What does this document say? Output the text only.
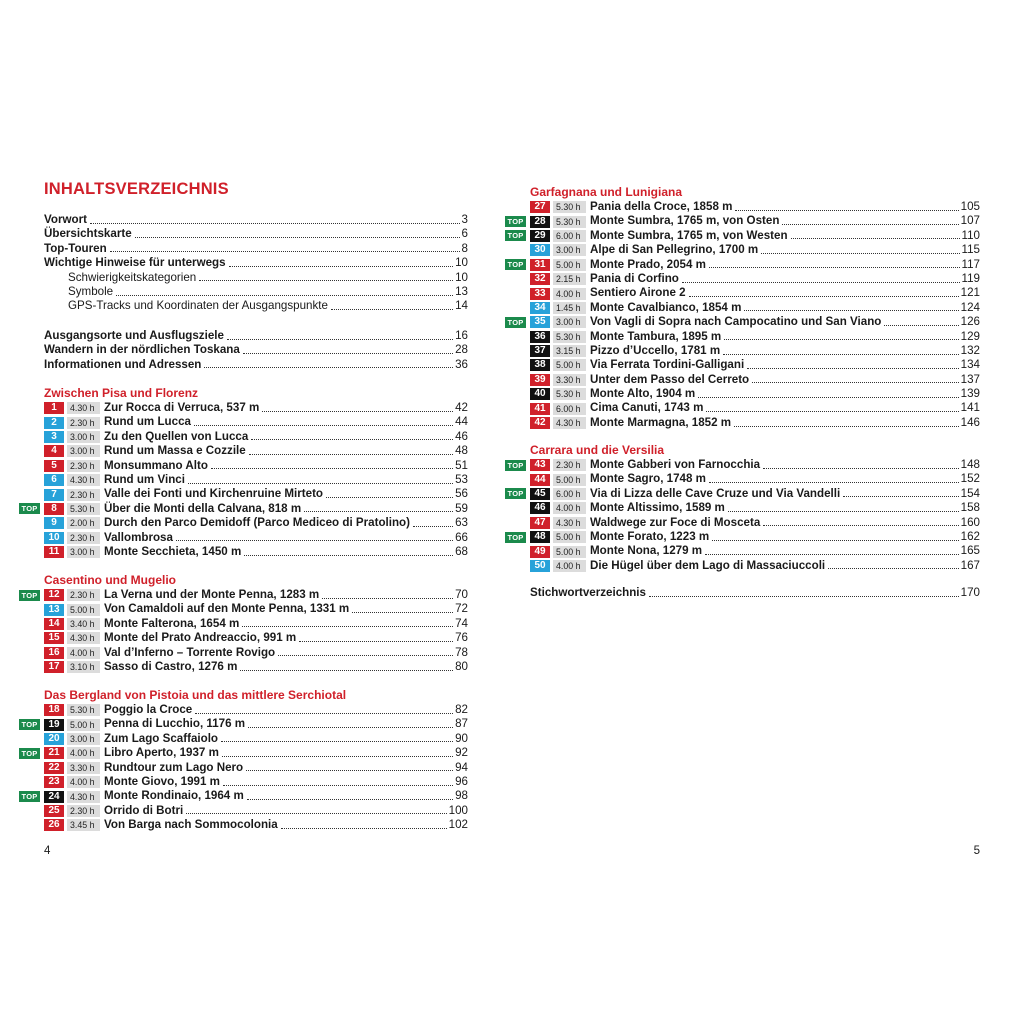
INHALTSVERZEICHNIS
Vorwort	3
Übersichtskarte	6
Top-Touren	8
Wichtige Hinweise für unterwegs	10
Schwierigkeitskategorien	10
Symbole	13
GPS-Tracks und Koordinaten der Ausgangspunkte	14
Ausgangsorte und Ausflugsziele	16
Wandern in der nördlichen Toskana	28
Informationen und Adressen	36
Zwischen Pisa und Florenz
1	4.30 h Zur Rocca di Verruca, 537 m	42
2	2.30 h Rund um Lucca	44
3	3.00 h Zu den Quellen von Lucca	46
4	3.00 h Rund um Massa e Cozzile	48
5	2.30 h Monsummano Alto	51
6	4.30 h Rund um Vinci	53
7	2.30 h Valle dei Fonti und Kirchenruine Mirteto	56
TOP	8	5.30 h Über die Monti della Calvana, 818 m	59
9	2.00 h Durch den Parco Demidoff (Parco Mediceo di Pratolino)	63
10	2.30 h Vallombrosa	66
11	3.00 h Monte Secchieta, 1450 m	68
Casentino und Mugelio
TOP	12	2.30 h La Verna und der Monte Penna, 1283 m	70
13	5.00 h Von Camaldoli auf den Monte Penna, 1331 m	72
14	3.40 h Monte Falterona, 1654 m	74
15	4.30 h Monte del Prato Andreaccio, 991 m	76
16	4.00 h Val d’Inferno – Torrente Rovigo	78
17	3.10 h Sasso di Castro, 1276 m	80
Das Bergland von Pistoia und das mittlere Serchiotal
18	5.30 h Poggio la Croce	82
TOP	19	5.00 h Penna di Lucchio, 1176 m	87
20	3.00 h Zum Lago Scaffaiolo	90
TOP	21	4.00 h Libro Aperto, 1937 m	92
22	3.30 h Rundtour zum Lago Nero	94
23	4.00 h Monte Giovo, 1991 m	96
TOP	24	4.30 h Monte Rondinaio, 1964 m	98
25	2.30 h Orrido di Botri	100
26	3.45 h Von Barga nach Sommocolonia	102
4
Garfagnana und Lunigiana
27	5.30 h Pania della Croce, 1858 m	105
TOP	28	5.30 h Monte Sumbra, 1765 m, von Osten	107
TOP	29	6.00 h Monte Sumbra, 1765 m, von Westen	110
30	3.00 h Alpe di San Pellegrino, 1700 m	115
TOP	31	5.00 h Monte Prado, 2054 m	117
32	2.15 h Pania di Corfino	119
33	4.00 h Sentiero Airone 2	121
34	1.45 h Monte Cavalbianco, 1854 m	124
TOP	35	3.00 h Von Vagli di Sopra nach Campocatino und San Viano	126
36	5.30 h Monte Tambura, 1895 m	129
37	3.15 h Pizzo d’Uccello, 1781 m	132
38	5.00 h Via Ferrata Tordini-Galligani	134
39	3.30 h Unter dem Passo del Cerreto	137
40	5.30 h Monte Alto, 1904 m	139
41	6.00 h Cima Canuti, 1743 m	141
42	4.30 h Monte Marmagna, 1852 m	146
Carrara und die Versilia
TOP	43	2.30 h Monte Gabberi von Farnocchia	148
44	5.00 h Monte Sagro, 1748 m	152
TOP	45	6.00 h Via di Lizza delle Cave Cruze und Via Vandelli	154
46	4.00 h Monte Altissimo, 1589 m	158
47	4.30 h Waldwege zur Foce di Mosceta	160
TOP	48	5.00 h Monte Forato, 1223 m	162
49	5.00 h Monte Nona, 1279 m	165
50	4.00 h Die Hügel über dem Lago di Massaciuccoli	167
Stichwortverzeichnis	170
5
